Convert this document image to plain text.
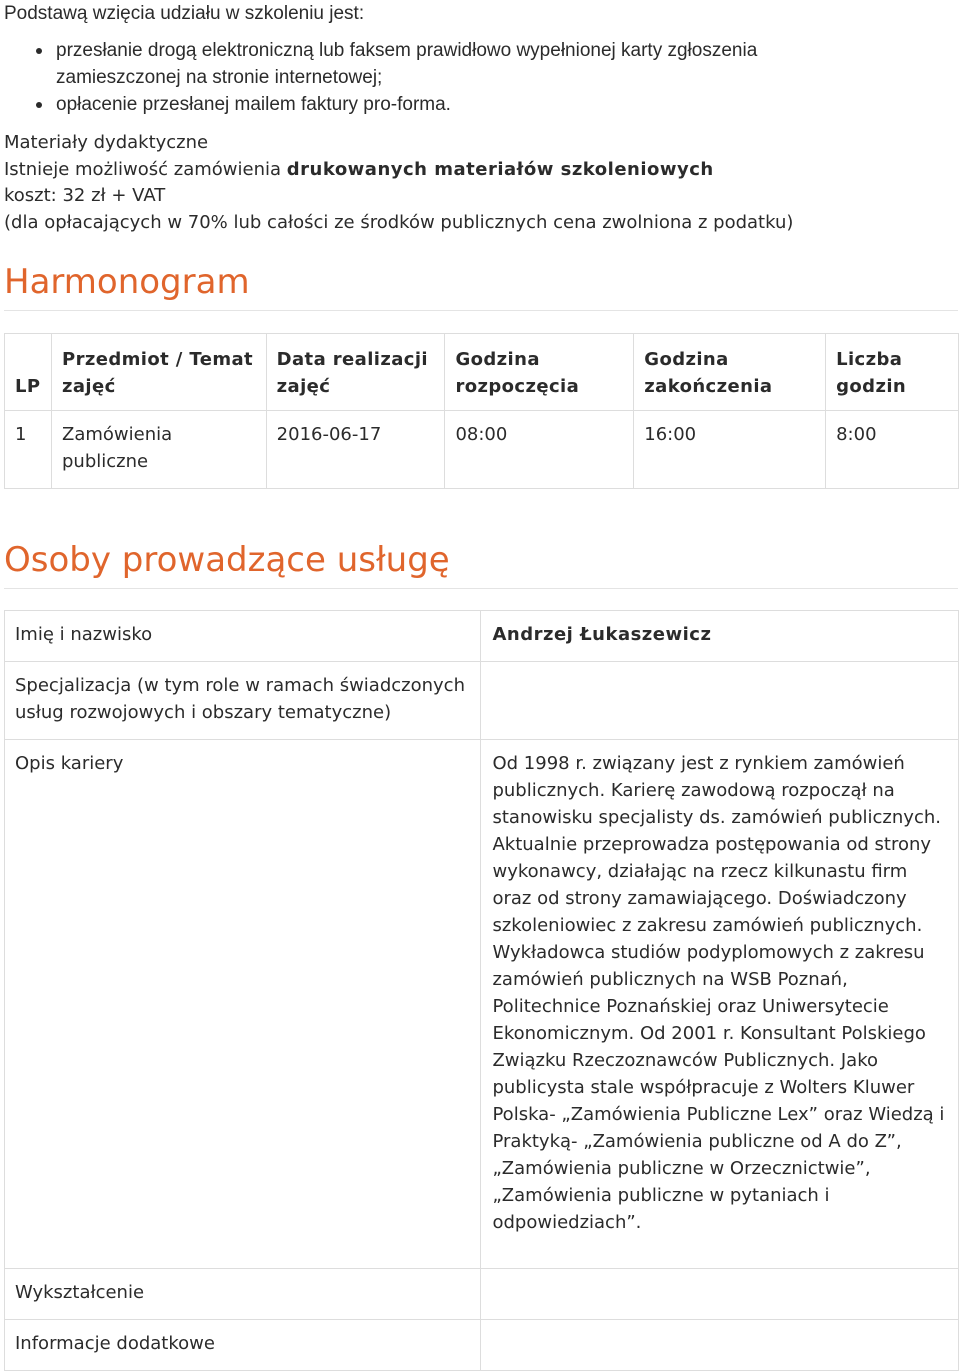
Podstawą wzięcia udziału w szkoleniu jest:

przesłanie drogą elektroniczną lub faksem prawidłowo wypełnionej karty zgłoszenia zamieszczonej na stronie internetowej;
opłacenie przesłanej mailem faktury pro-forma.
Materiały dydaktyczne
Istnieje możliwość zamówienia drukowanych materiałów szkoleniowych
koszt: 32 zł + VAT
(dla opłacających w 70% lub całości ze środków publicznych cena zwolniona z podatku)
Harmonogram
LP	Przedmiot / Temat zajęć	Data realizacji zajęć	Godzina rozpoczęcia	Godzina zakończenia	Liczba godzin
1	Zamówienia publiczne	2016-06-17	08:00	16:00	8:00
Osoby prowadzące usługę
Imię i nazwisko	Andrzej Łukaszewicz
Specjalizacja (w tym role w ramach świadczonych usług rozwojowych i obszary tematyczne)	
Opis kariery	Od 1998 r. związany jest z rynkiem zamówień publicznych. Karierę zawodową rozpoczął na stanowisku specjalisty ds. zamówień publicznych. Aktualnie przeprowadza postępowania od strony wykonawcy, działając na rzecz kilkunastu firm oraz od strony zamawiającego. Doświadczony szkoleniowiec z zakresu zamówień publicznych. Wykładowca studiów podyplomowych z zakresu zamówień publicznych na WSB Poznań, Politechnice Poznańskiej oraz Uniwersytecie Ekonomicznym. Od 2001 r. Konsultant Polskiego Związku Rzeczoznawców Publicznych. Jako publicysta stale współpracuje z Wolters Kluwer Polska- „Zamówienia Publiczne Lex” oraz Wiedzą i Praktyką- „Zamówienia publiczne od A do Z”, „Zamówienia publiczne w Orzecznictwie”, „Zamówienia publiczne w pytaniach i odpowiedziach”.
Wykształcenie	
Informacje dodatkowe	
